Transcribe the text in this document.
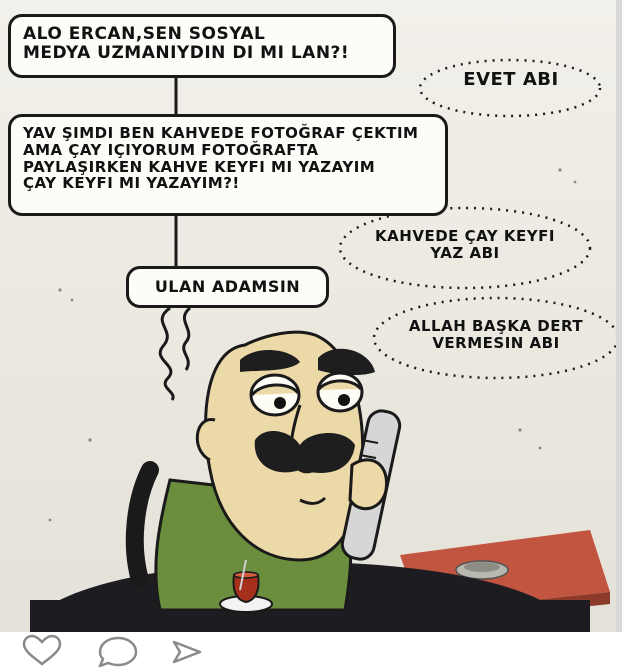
ALO ERCAN,SEN SOSYAL
MEDYA UZMANIYDIN DI MI LAN?!
YAV ŞIMDI BEN KAHVEDE FOTOĞRAF ÇEKTIM
AMA ÇAY IÇIYORUM FOTOĞRAFTA
PAYLAŞIRKEN KAHVE KEYFI MI YAZAYIM
ÇAY KEYFI MI YAZAYIM?!
ULAN ADAMSIN
EVET ABI
KAHVEDE ÇAY KEYFI
YAZ ABI
ALLAH BAŞKA DERT
VERMESIN ABI
